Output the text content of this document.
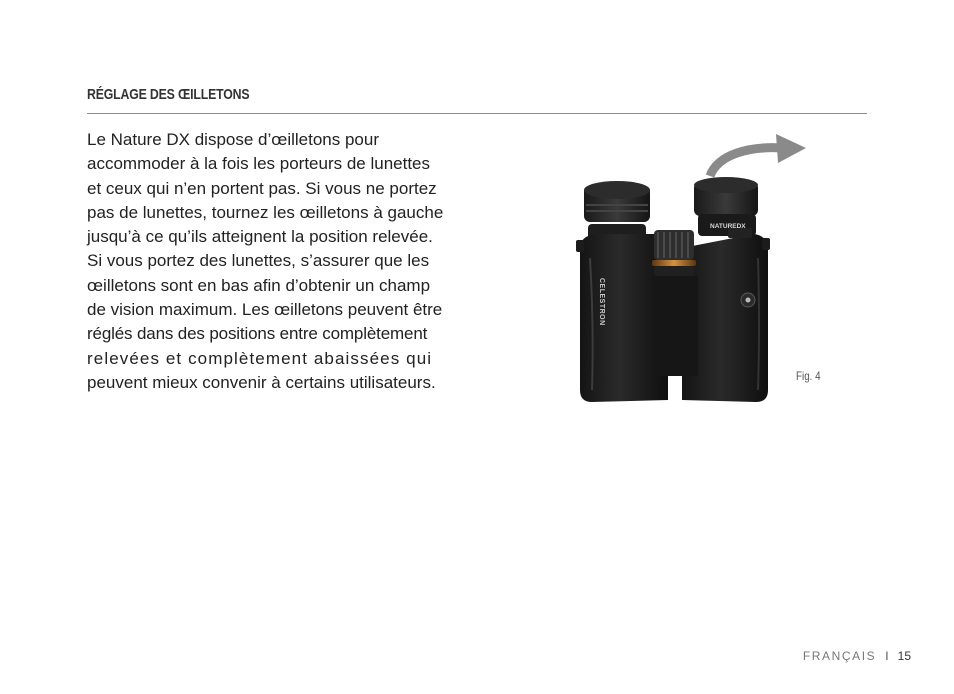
RÉGLAGE DES ŒILLETONS

Le Nature DX dispose d’œilletons pour
accommoder à la fois les porteurs de lunettes
et ceux qui n’en portent pas. Si vous ne portez
pas de lunettes, tournez les œilletons à gauche
jusqu’à ce qu’ils atteignent la position relevée.
Si vous portez des lunettes, s’assurer que les
œilletons sont en bas afin d’obtenir un champ
de vision maximum. Les œilletons peuvent être
réglés dans des positions entre complètement
relevées et complètement abaissées qui
peuvent mieux convenir à certains utilisateurs.

CELESTRON
NATUREDX
Fig. 4
FRANÇAIS I 15
